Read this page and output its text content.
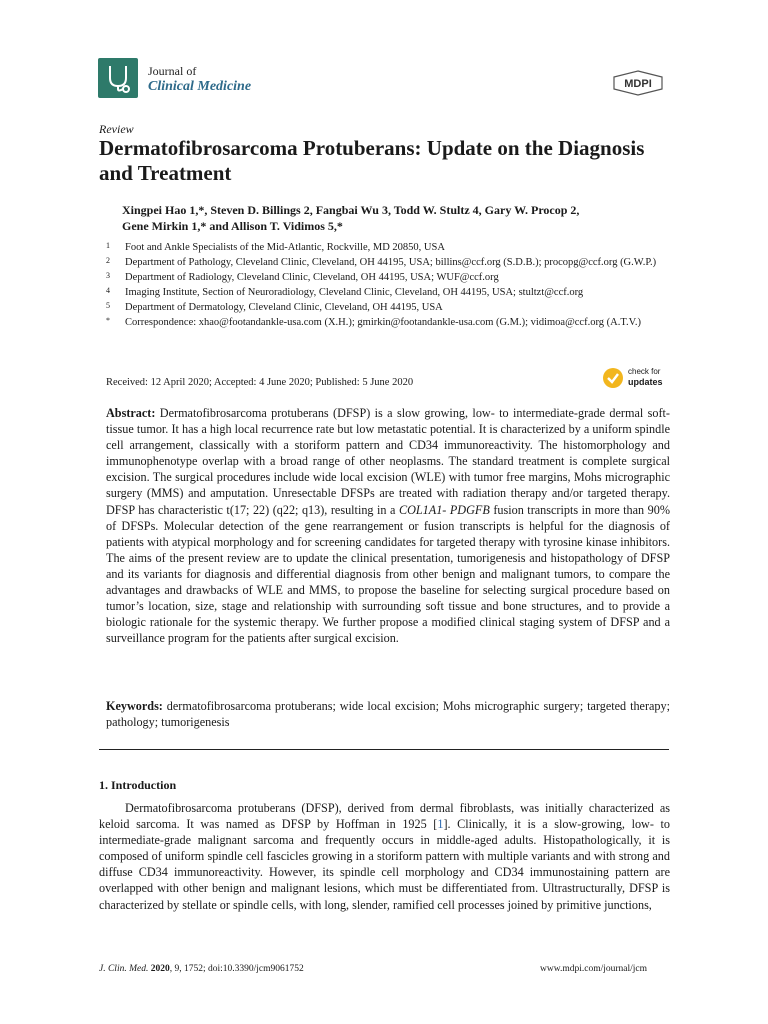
Journal of
Clinical Medicine	MDPI
Review
Dermatofibrosarcoma Protuberans: Update on the Diagnosis and Treatment
Xingpei Hao 1,*, Steven D. Billings 2, Fangbai Wu 3, Todd W. Stultz 4, Gary W. Procop 2,
Gene Mirkin 1,* and Allison T. Vidimos 5,*
1	Foot and Ankle Specialists of the Mid-Atlantic, Rockville, MD 20850, USA
2	Department of Pathology, Cleveland Clinic, Cleveland, OH 44195, USA; billins@ccf.org (S.D.B.); procopg@ccf.org (G.W.P.)
3	Department of Radiology, Cleveland Clinic, Cleveland, OH 44195, USA; WUF@ccf.org
4	Imaging Institute, Section of Neuroradiology, Cleveland Clinic, Cleveland, OH 44195, USA; stultzt@ccf.org
5	Department of Dermatology, Cleveland Clinic, Cleveland, OH 44195, USA
*	Correspondence: xhao@footandankle-usa.com (X.H.); gmirkin@footandankle-usa.com (G.M.); vidimoa@ccf.org (A.T.V.)
Received: 12 April 2020; Accepted: 4 June 2020; Published: 5 June 2020
check for
updates
Abstract: Dermatofibrosarcoma protuberans (DFSP) is a slow growing, low- to intermediate-grade dermal soft-tissue tumor. It has a high local recurrence rate but low metastatic potential. It is characterized by a uniform spindle cell arrangement, classically with a storiform pattern and CD34 immunoreactivity. The histomorphology and immunophenotype overlap with a broad range of other neoplasms. The standard treatment is complete surgical excision. The surgical procedures include wide local excision (WLE) with tumor free margins, Mohs micrographic surgery (MMS) and amputation. Unresectable DFSPs are treated with radiation therapy and/or targeted therapy. DFSP has characteristic t(17; 22) (q22; q13), resulting in a COL1A1- PDGFB fusion transcripts in more than 90% of DFSPs. Molecular detection of the gene rearrangement or fusion transcripts is helpful for the diagnosis of patients with atypical morphology and for screening candidates for targeted therapy with tyrosine kinase inhibitors. The aims of the present review are to update the clinical presentation, tumorigenesis and histopathology of DFSP and its variants for diagnosis and differential diagnosis from other benign and malignant tumors, to compare the advantages and drawbacks of WLE and MMS, to propose the baseline for selecting surgical procedure based on tumor’s location, size, stage and relationship with surrounding soft tissue and bone structures, and to provide a biologic rationale for the systemic therapy. We further propose a modified clinical staging system of DFSP and a surveillance program for the patients after surgical excision.
Keywords: dermatofibrosarcoma protuberans; wide local excision; Mohs micrographic surgery; targeted therapy; pathology; tumorigenesis
1. Introduction
Dermatofibrosarcoma protuberans (DFSP), derived from dermal fibroblasts, was initially characterized as keloid sarcoma. It was named as DFSP by Hoffman in 1925 [1]. Clinically, it is a slow-growing, low- to intermediate-grade malignant sarcoma and frequently occurs in middle-aged adults. Histopathologically, it is composed of uniform spindle cell fascicles growing in a storiform pattern with multiple variants and with strong and diffuse CD34 immunoreactivity. However, its spindle cell morphology and CD34 immunostaining pattern are overlapped with other benign and malignant lesions, which must be differentiated from. Ultrastructurally, DFSP is characterized by stellate or spindle cells, with long, slender, ramified cell processes joined by primitive junctions,
J. Clin. Med. 2020, 9, 1752; doi:10.3390/jcm9061752	www.mdpi.com/journal/jcm
